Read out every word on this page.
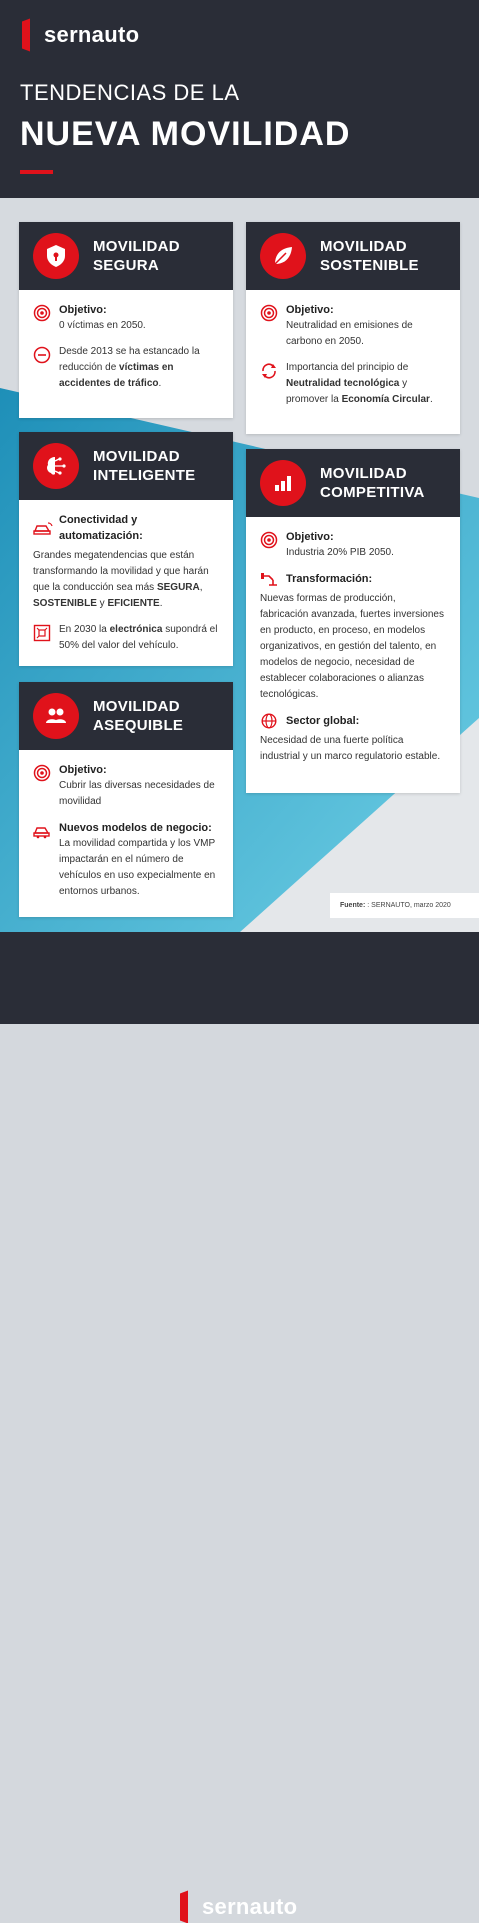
sernauto
TENDENCIAS DE LA
NUEVA MOVILIDAD
MOVILIDAD
SEGURA
Objetivo:
0 víctimas en 2050.
Desde 2013 se ha estancado la reducción de víctimas en accidentes de tráfico.
MOVILIDAD
SOSTENIBLE
Objetivo:
Neutralidad en emisiones de carbono en 2050.
Importancia del principio de Neutralidad tecnológica y promover la Economía Circular.
MOVILIDAD
INTELIGENTE
Conectividad y automatización:
Grandes megatendencias que están transformando la movilidad y que harán que la conducción sea más SEGURA, SOSTENIBLE y EFICIENTE.
En 2030 la electrónica supondrá el 50% del valor del vehículo.
MOVILIDAD
COMPETITIVA
Objetivo:
Industria 20% PIB 2050.
Transformación:
Nuevas formas de producción, fabricación avanzada, fuertes inversiones en producto, en proceso, en modelos organizativos, en gestión del talento, en modelos de negocio, necesidad de establecer colaboraciones o alianzas tecnológicas.
Sector global:
Necesidad de una fuerte política industrial y un marco regulatorio estable.
MOVILIDAD
ASEQUIBLE
Objetivo:
Cubrir las diversas necesidades de movilidad
Nuevos modelos de negocio:
La movilidad compartida y los VMP impactarán en el número de vehículos en uso expecialmente en entornos urbanos.
Fuente: : SERNAUTO, marzo 2020
sernauto
